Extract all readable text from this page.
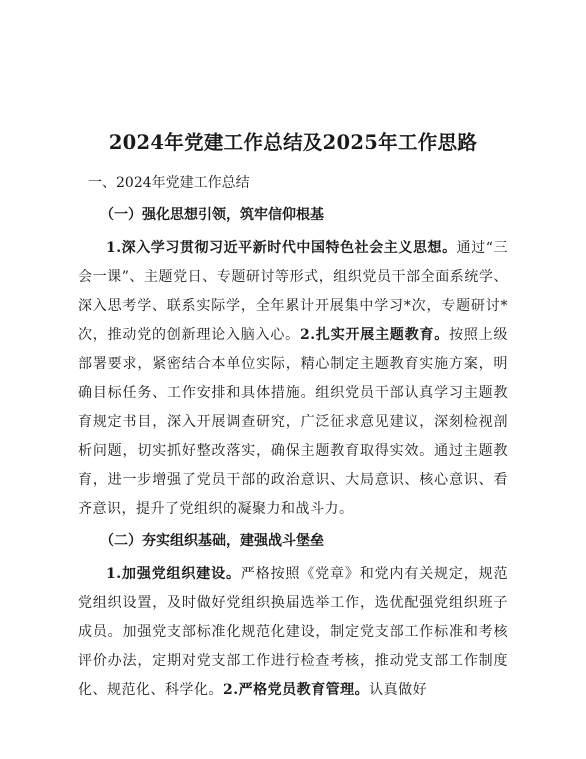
2024年党建工作总结及2025年工作思路
一、2024年党建工作总结
（一）强化思想引领，筑牢信仰根基

1.深入学习贯彻习近平新时代中国特色社会主义思想。通过“三会一课”、主题党日、专题研讨等形式，组织党员干部全面系统学、深入思考学、联系实际学，全年累计开展集中学习*次，专题研讨*次，推动党的创新理论入脑入心。2.扎实开展主题教育。按照上级部署要求，紧密结合本单位实际，精心制定主题教育实施方案，明确目标任务、工作安排和具体措施。组织党员干部认真学习主题教育规定书目，深入开展调查研究，广泛征求意见建议，深刻检视剖析问题，切实抓好整改落实，确保主题教育取得实效。通过主题教育，进一步增强了党员干部的政治意识、大局意识、核心意识、看齐意识，提升了党组织的凝聚力和战斗力。

（二）夯实组织基础，建强战斗堡垒

1.加强党组织建设。严格按照《党章》和党内有关规定，规范党组织设置，及时做好党组织换届选举工作，选优配强党组织班子成员。加强党支部标准化规范化建设，制定党支部工作标准和考核评价办法，定期对党支部工作进行检查考核，推动党支部工作制度化、规范化、科学化。2.严格党员教育管理。认真做好
